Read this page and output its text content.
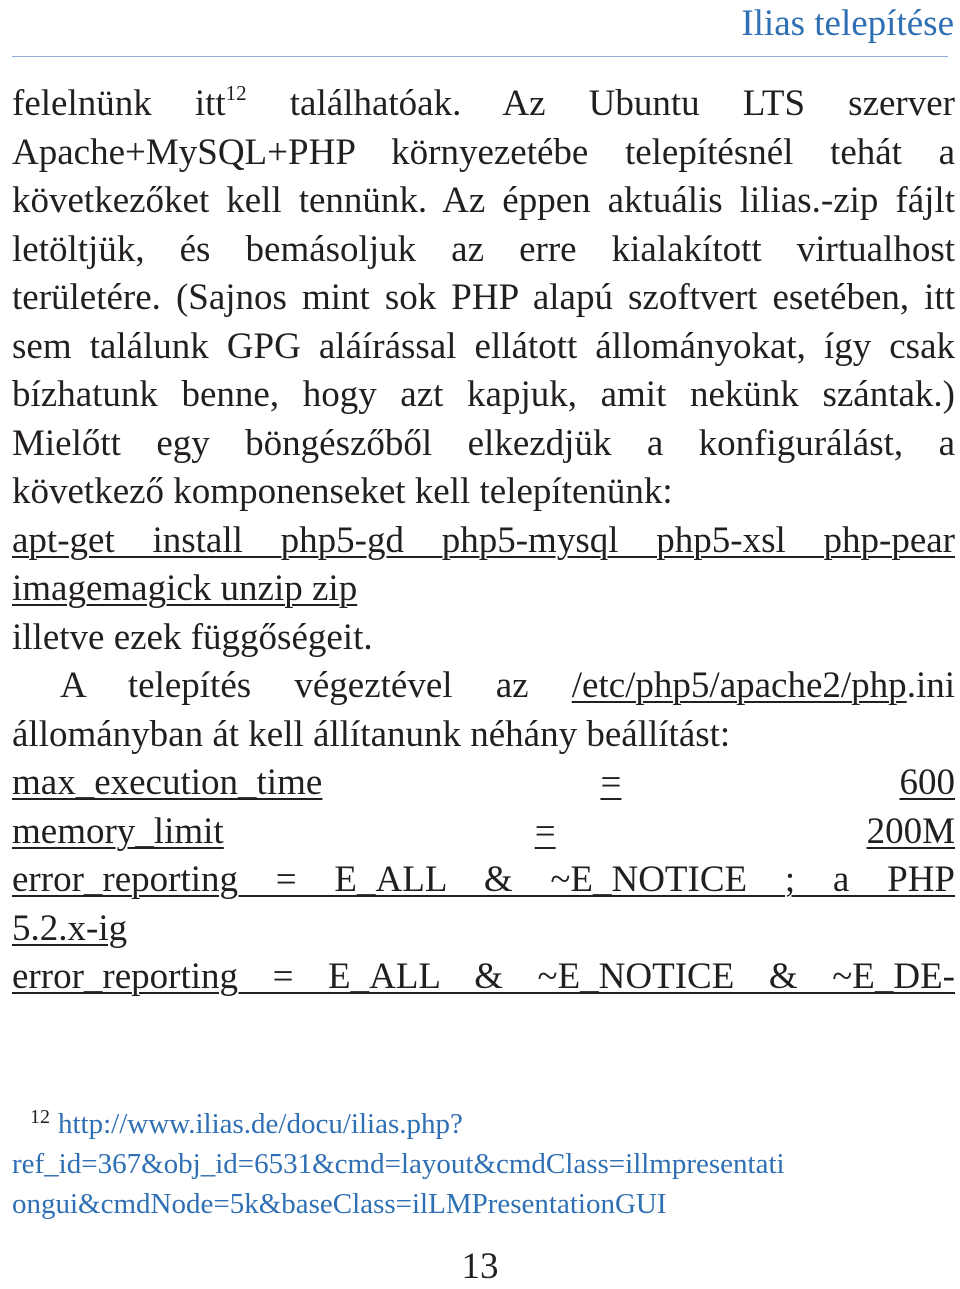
Ilias telepítése

felelnünk itt$^{12}$ találhatóak. Az Ubuntu LTS szerver Apache+MySQL+PHP környezetébe telepítésnél tehát a következőket kell tennünk. Az éppen aktuális lilias.-zip fájlt letöltjük, és bemásoljuk az erre kialakított virtualhost területére. (Sajnos mint sok PHP alapú szoftvert esetében, itt sem találunk GPG aláírással ellátott állományokat, így csak bízhatunk benne, hogy azt kapjuk, amit nekünk szántak.) Mielőtt egy böngészőből elkezdjük a konfigurálást, a következő komponenseket kell telepítenünk:

apt-get install php5-gd php5-mysql php5-xsl php-pear

imagemagick unzip zip

illetve ezek függőségeit.

A telepítés végeztével az /etc/php5/apache2/php.ini állományban át kell állítanunk néhány beállítást:

max_execution_time	=	600
memory_limit	=	200M

error_reporting = E_ALL & ~E_NOTICE ; a PHP

5.2.x-ig

error_reporting = E_ALL & ~E_NOTICE & ~E_DE-

$^{12}$ http://www.ilias.de/docu/ilias.php?
ref_id=367&obj_id=6531&cmd=layout&cmdClass=illmpresentati
ongui&cmdNode=5k&baseClass=ilLMPresentationGUI
13
